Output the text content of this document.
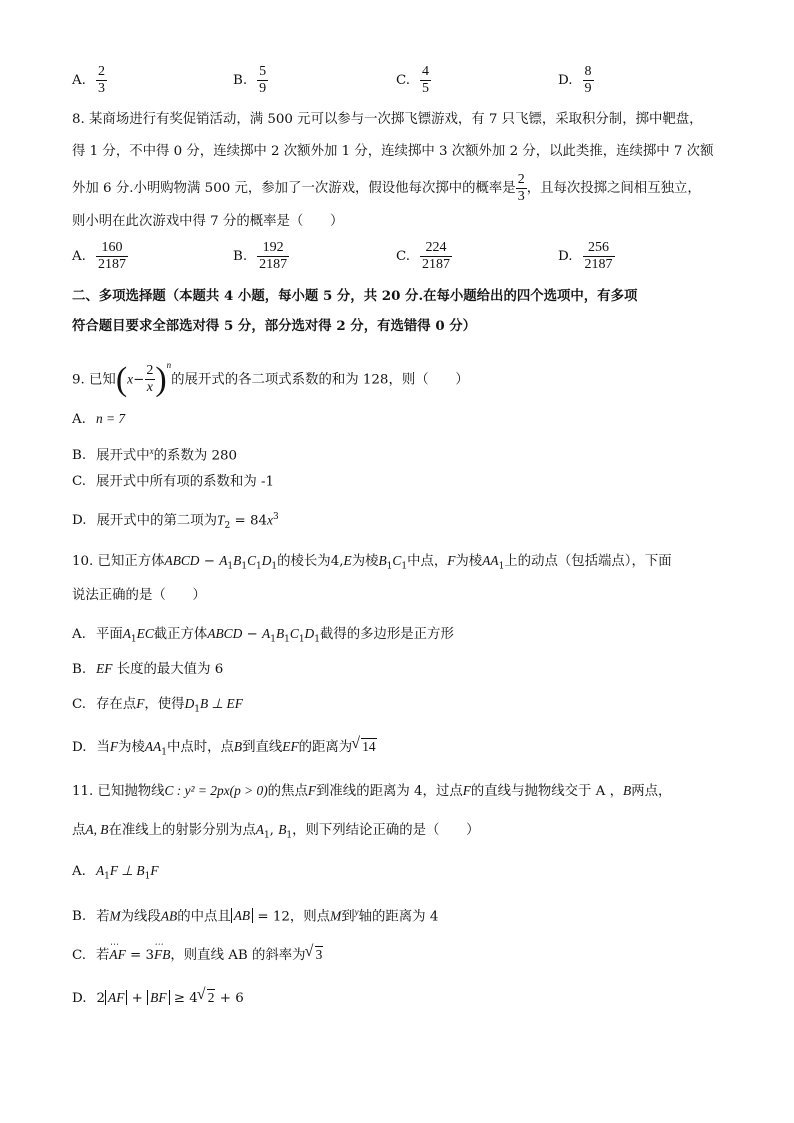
A. $\frac{2}{3}$	B. $\frac{5}{9}$	C. $\frac{4}{5}$	D. $\frac{8}{9}$
8. 某商场进行有奖促销活动，满 500 元可以参与一次掷飞镖游戏，有 7 只飞镖，采取积分制，掷中靶盘，
得 1 分，不中得 0 分，连续掷中 2 次额外加 1 分，连续掷中 3 次额外加 2 分，以此类推，连续掷中 7 次额
外加 6 分.小明购物满 500 元，参加了一次游戏，假设他每次掷中的概率是 $\frac{2}{3}$ ，且每次投掷之间相互独立，
则小明在此次游戏中得 7 分的概率是（　　）
A. $\frac{160}{2187}$	B. $\frac{192}{2187}$	C. $\frac{224}{2187}$	D. $\frac{256}{2187}$
二、多项选择题（本题共 4 小题，每小题 5 分，共 20 分.在每小题给出的四个选项中，有多项
符合题目要求全部选对得 5 分，部分选对得 2 分，有选错得 0 分）
9. 已知$(x- \frac{2}{x} )^n$的展开式的各二项式系数的和为 128，则（　　）
A. n = 7
B. 展开式中$^x$的系数为 280
C. 展开式中所有项的系数和为 -1
D. 展开式中的第二项为$T_2 = 84x^3$
10. 已知正方体ABCD − $A_1B_1C_1D_1$的棱长为4,E为棱$B_1C_1$中点，F为棱$AA_1$上的动点（包括端点），下面
说法正确的是（　　）
A. 平面$A_1EC$截正方体ABCD − $A_1B_1C_1D_1$截得的多边形是正方形
B. EF 长度的最大值为 6
C. 存在点F，使得$D_1B$ ⊥ EF
D. 当F为棱$AA_1$中点时，点B到直线EF的距离为 √ 14
11. 已知抛物线C : y² = 2px(p > 0)的焦点F到准线的距离为 4，过点F的直线与抛物线交于 A ，B两点，
点A, B在准线上的射影分别为点$A_1$, $B_1$，则下列结论正确的是（　　）
A. $A_1F$ ⊥ $B_1F$
B. 若M为线段AB的中点且 AB = 12，则点M到$^y$轴的距离为 4
C. 若⋯ AF = 3⋯ FB，则直线 AB 的斜率为 √ 3
D. 2 AF + BF ≥ 4 √ 2 + 6
